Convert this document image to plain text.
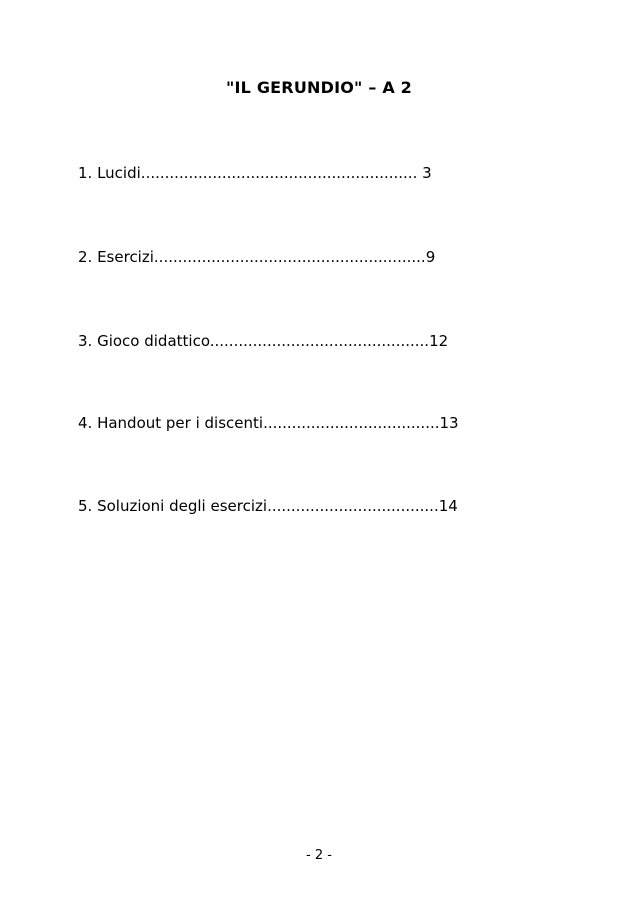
"IL GERUNDIO" – A 2
1. Lucidi.......................................................... 3
2. Esercizi.........................................................9
3. Gioco didattico..............................................12
4. Handout per i discenti.....................................13
5. Soluzioni degli esercizi....................................14
- 2 -
